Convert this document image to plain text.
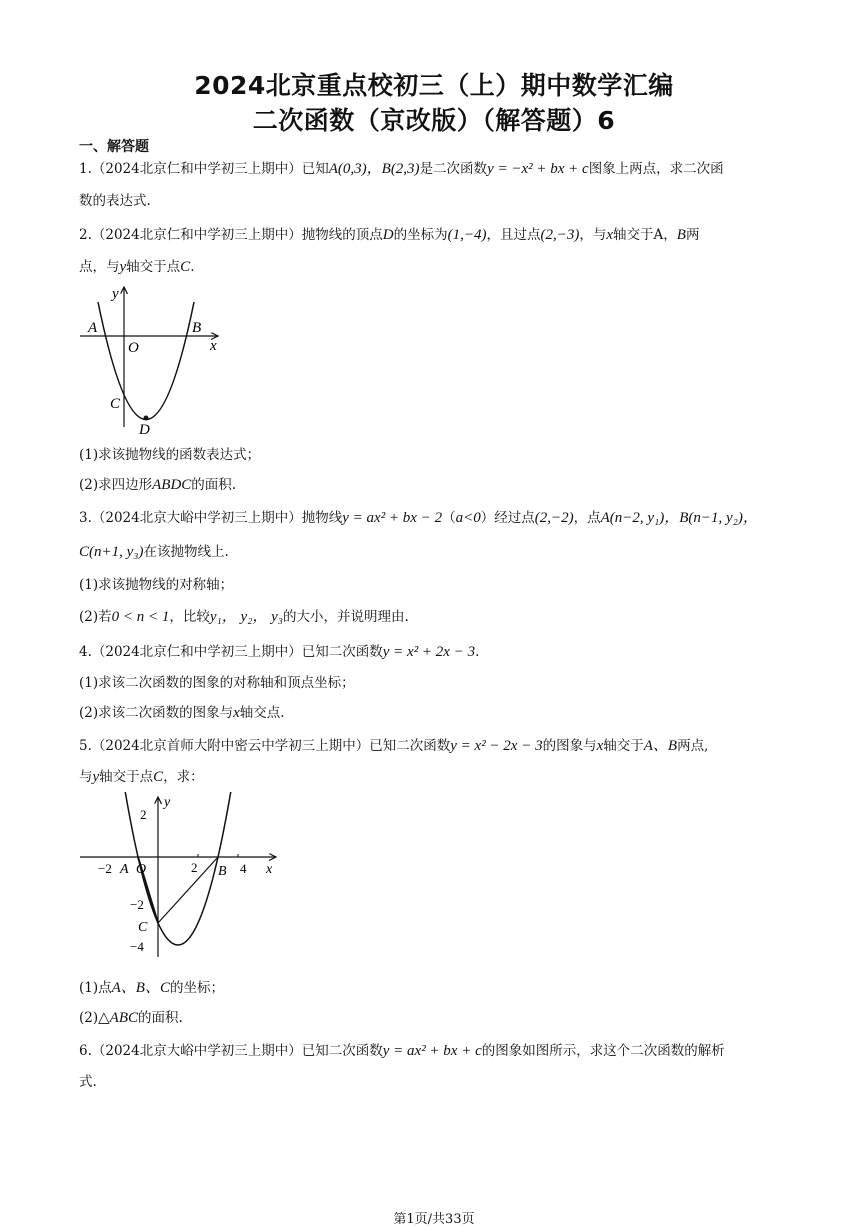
2024北京重点校初三（上）期中数学汇编
二次函数（京改版）（解答题）6
一、解答题
1.（2024北京仁和中学初三上期中）已知A(0,3)，B(2,3)是二次函数y = −x² + bx + c图象上两点，求二次函
数的表达式.
2.（2024北京仁和中学初三上期中）抛物线的顶点D的坐标为(1,−4)，且过点(2,−3)，与x轴交于A，B两
点，与y轴交于点C.
y
x
A	B
O
C
D
(1)求该抛物线的函数表达式；
(2)求四边形ABDC的面积.
3.（2024北京大峪中学初三上期中）抛物线y = ax² + bx − 2（a<0）经过点(2,−2)，点A(n−2, y₁)，B(n−1, y₂)，
C(n+1, y₃)在该抛物线上.
(1)求该抛物线的对称轴；
(2)若0 < n < 1，比较y₁， y₂， y₃的大小，并说明理由.
4.（2024北京仁和中学初三上期中）已知二次函数y = x² + 2x − 3.
(1)求该二次函数的图象的对称轴和顶点坐标；
(2)求该二次函数的图象与x轴交点.
5.（2024北京首师大附中密云中学初三上期中）已知二次函数y = x² − 2x − 3的图象与x轴交于A、B两点,
与y轴交于点C，求：
y
x
A	B
O
C
2
−2	4
2
−2
−4
(1)点A、B、C的坐标；
(2)△ABC的面积.
6.（2024北京大峪中学初三上期中）已知二次函数y = ax² + bx + c的图象如图所示，求这个二次函数的解析
式.
第1页/共33页
